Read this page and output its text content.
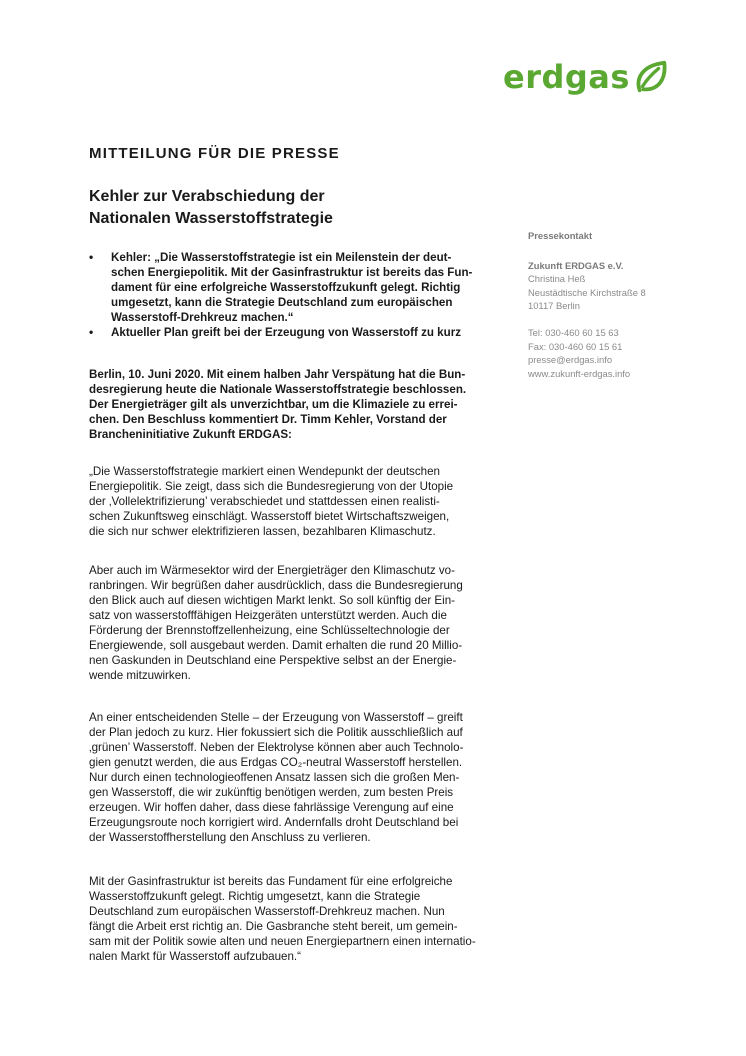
erdgas
MITTEILUNG FÜR DIE PRESSE
Kehler zur Verabschiedung der
Nationalen Wasserstoffstrategie
• Kehler: „Die Wasserstoffstrategie ist ein Meilenstein der deut-
schen Energiepolitik. Mit der Gasinfrastruktur ist bereits das Fun-
dament für eine erfolgreiche Wasserstoffzukunft gelegt. Richtig
umgesetzt, kann die Strategie Deutschland zum europäischen
Wasserstoff-Drehkreuz machen.“
• Aktueller Plan greift bei der Erzeugung von Wasserstoff zu kurz
Berlin, 10. Juni 2020. Mit einem halben Jahr Verspätung hat die Bun-
desregierung heute die Nationale Wasserstoffstrategie beschlossen.
Der Energieträger gilt als unverzichtbar, um die Klimaziele zu errei-
chen. Den Beschluss kommentiert Dr. Timm Kehler, Vorstand der
Brancheninitiative Zukunft ERDGAS:
„Die Wasserstoffstrategie markiert einen Wendepunkt der deutschen
Energiepolitik. Sie zeigt, dass sich die Bundesregierung von der Utopie
der ‚Vollelektrifizierung’ verabschiedet und stattdessen einen realisti-
schen Zukunftsweg einschlägt. Wasserstoff bietet Wirtschaftszweigen,
die sich nur schwer elektrifizieren lassen, bezahlbaren Klimaschutz.
Aber auch im Wärmesektor wird der Energieträger den Klimaschutz vo-
ranbringen. Wir begrüßen daher ausdrücklich, dass die Bundesregierung
den Blick auch auf diesen wichtigen Markt lenkt. So soll künftig der Ein-
satz von wasserstofffähigen Heizgeräten unterstützt werden. Auch die
Förderung der Brennstoffzellenheizung, eine Schlüsseltechnologie der
Energiewende, soll ausgebaut werden. Damit erhalten die rund 20 Millio-
nen Gaskunden in Deutschland eine Perspektive selbst an der Energie-
wende mitzuwirken.
An einer entscheidenden Stelle – der Erzeugung von Wasserstoff – greift
der Plan jedoch zu kurz. Hier fokussiert sich die Politik ausschließlich auf
‚grünen’ Wasserstoff. Neben der Elektrolyse können aber auch Technolo-
gien genutzt werden, die aus Erdgas CO₂-neutral Wasserstoff herstellen.
Nur durch einen technologieoffenen Ansatz lassen sich die großen Men-
gen Wasserstoff, die wir zukünftig benötigen werden, zum besten Preis
erzeugen. Wir hoffen daher, dass diese fahrlässige Verengung auf eine
Erzeugungsroute noch korrigiert wird. Andernfalls droht Deutschland bei
der Wasserstoffherstellung den Anschluss zu verlieren.
Mit der Gasinfrastruktur ist bereits das Fundament für eine erfolgreiche
Wasserstoffzukunft gelegt. Richtig umgesetzt, kann die Strategie
Deutschland zum europäischen Wasserstoff-Drehkreuz machen. Nun
fängt die Arbeit erst richtig an. Die Gasbranche steht bereit, um gemein-
sam mit der Politik sowie alten und neuen Energiepartnern einen internatio-
nalen Markt für Wasserstoff aufzubauen.“
Pressekontakt
Zukunft ERDGAS e.V.
Christina Heß
Neustädtische Kirchstraße 8
10117 Berlin
Tel: 030-460 60 15 63
Fax: 030-460 60 15 61
presse@erdgas.info
www.zukunft-erdgas.info
